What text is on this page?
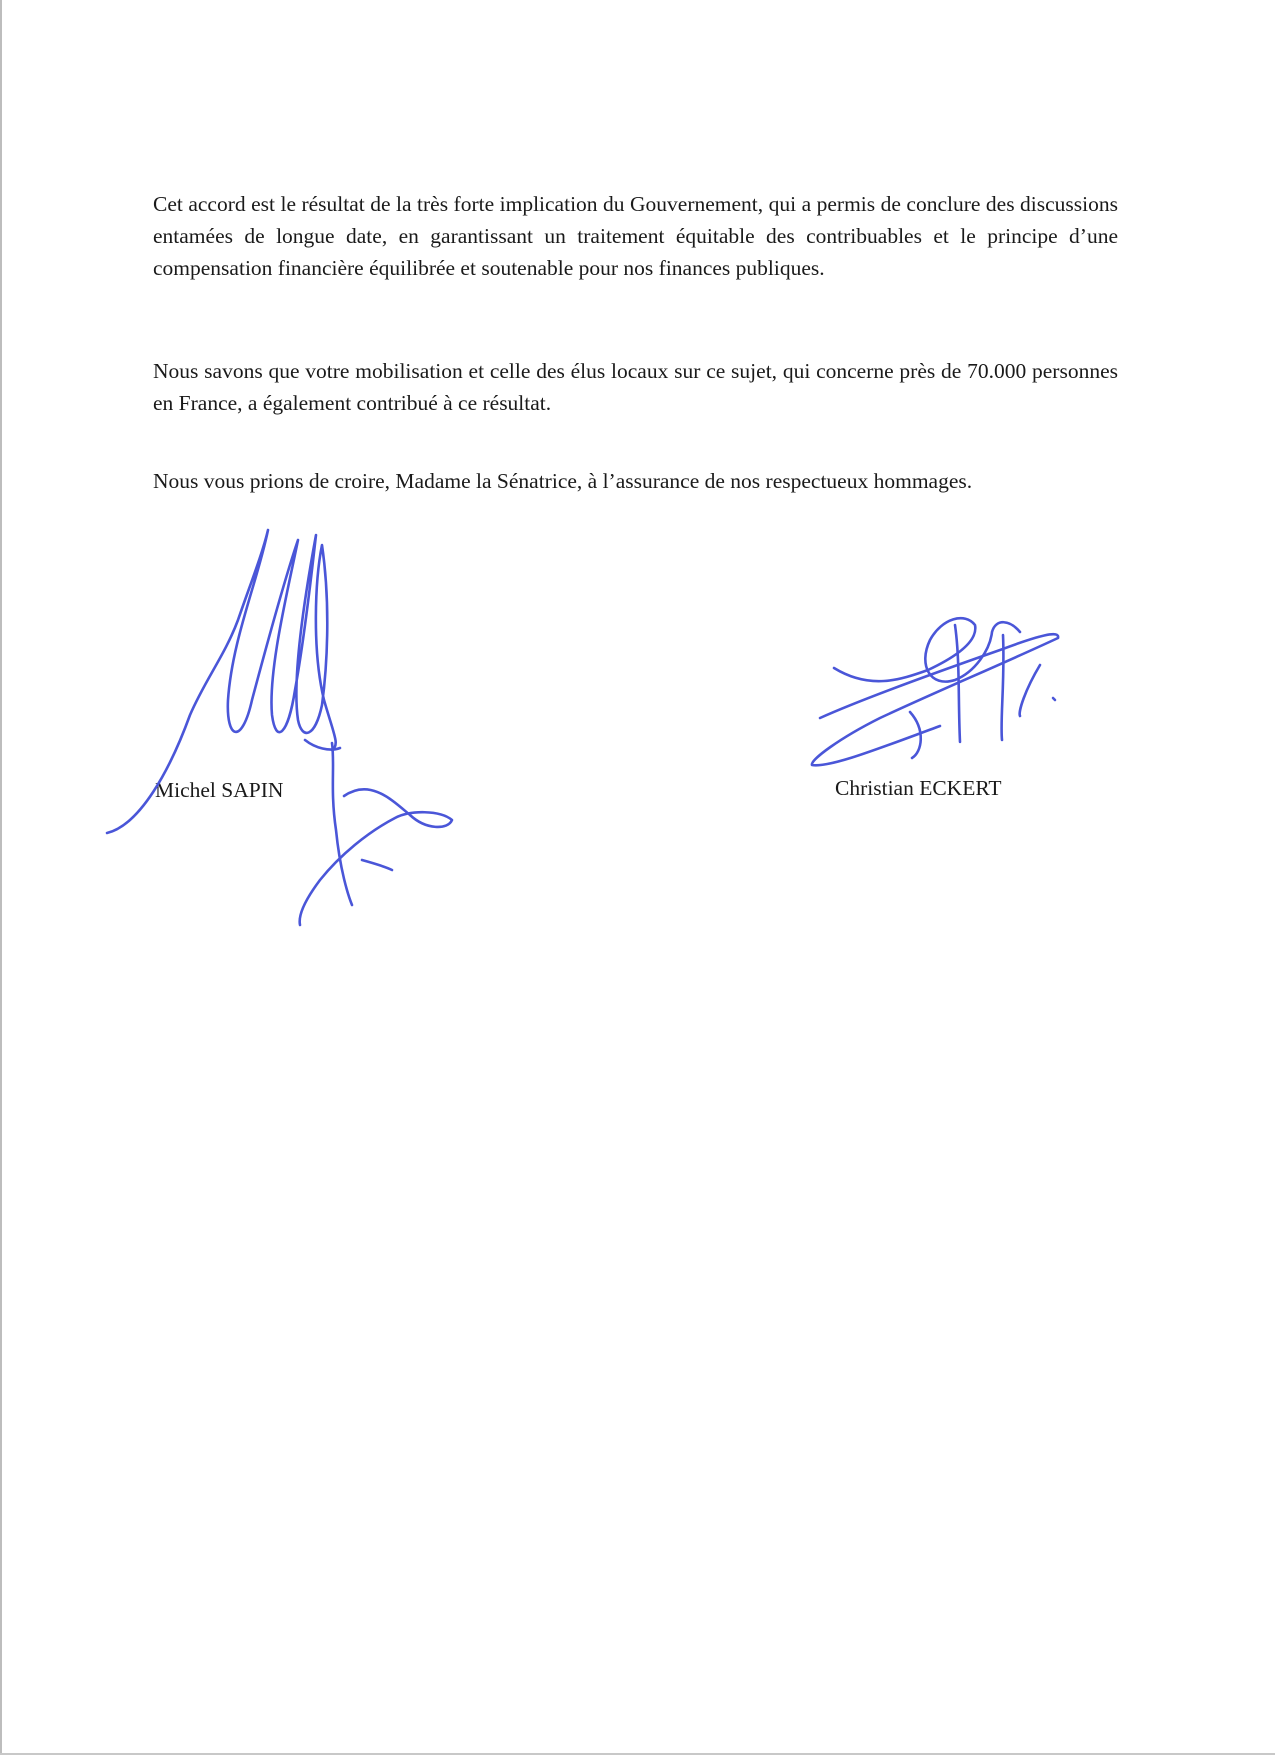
Cet accord est le résultat de la très forte implication du Gouvernement, qui a permis de conclure des discussions entamées de longue date, en garantissant un traitement équitable des contribuables et le principe d’une compensation financière équilibrée et soutenable pour nos finances publiques.

Nous savons que votre mobilisation et celle des élus locaux sur ce sujet, qui concerne près de 70.000 personnes en France, a également contribué à ce résultat.

Nous vous prions de croire, Madame la Sénatrice, à l’assurance de nos respectueux hommages.

Michel SAPIN	Christian ECKERT
